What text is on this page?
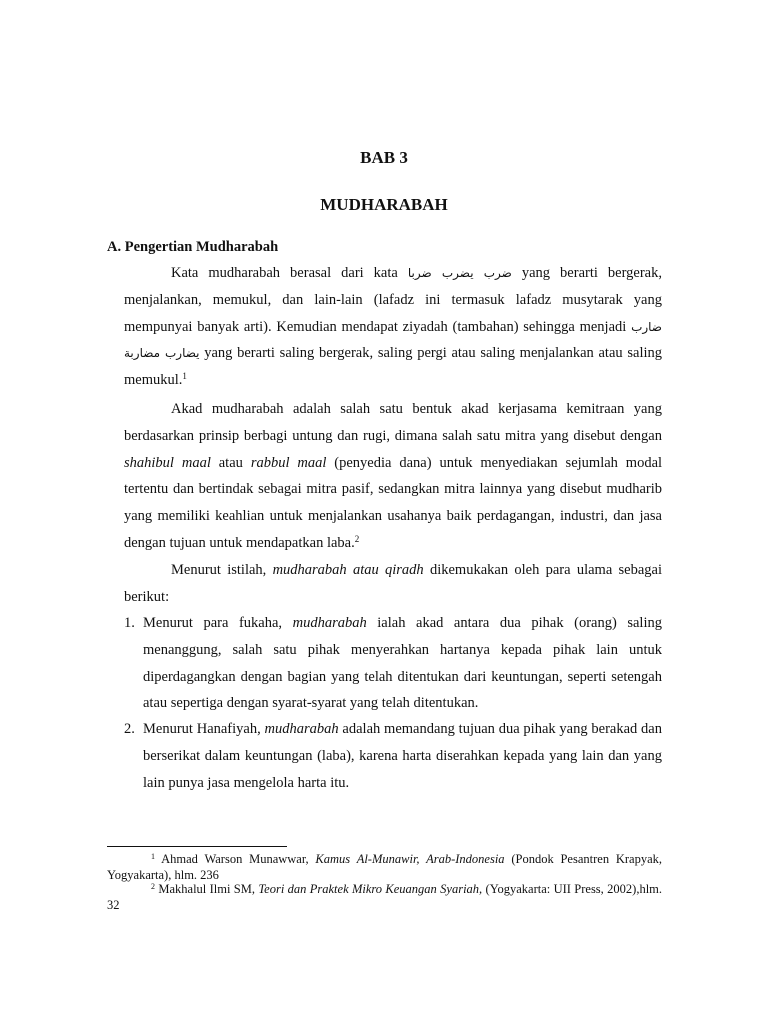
BAB 3
MUDHARABAH
A. Pengertian Mudharabah

Kata mudharabah berasal dari kata ضرب يضرب ضربا yang berarti bergerak, menjalankan, memukul, dan lain-lain (lafadz ini termasuk lafadz musytarak yang mempunyai banyak arti). Kemudian mendapat ziyadah (tambahan) sehingga menjadi ضارب يضارب مضاربة yang berarti saling bergerak, saling pergi atau saling menjalankan atau saling memukul.$^1$

Akad mudharabah adalah salah satu bentuk akad kerjasama kemitraan yang berdasarkan prinsip berbagi untung dan rugi, dimana salah satu mitra yang disebut dengan shahibul maal atau rabbul maal (penyedia dana) untuk menyediakan sejumlah modal tertentu dan bertindak sebagai mitra pasif, sedangkan mitra lainnya yang disebut mudharib yang memiliki keahlian untuk menjalankan usahanya baik perdagangan, industri, dan jasa dengan tujuan untuk mendapatkan laba.$^2$

Menurut istilah, mudharabah atau qiradh dikemukakan oleh para ulama sebagai berikut:

1. Menurut para fukaha, mudharabah ialah akad antara dua pihak (orang) saling menanggung, salah satu pihak menyerahkan hartanya kepada pihak lain untuk diperdagangkan dengan bagian yang telah ditentukan dari keuntungan, seperti setengah atau sepertiga dengan syarat-syarat yang telah ditentukan.
2. Menurut Hanafiyah, mudharabah adalah memandang tujuan dua pihak yang berakad dan berserikat dalam keuntungan (laba), karena harta diserahkan kepada yang lain dan yang lain punya jasa mengelola harta itu.

$^1$ Ahmad Warson Munawwar, Kamus Al-Munawir, Arab-Indonesia (Pondok Pesantren Krapyak, Yogyakarta), hlm. 236

$^2$ Makhalul Ilmi SM, Teori dan Praktek Mikro Keuangan Syariah, (Yogyakarta: UII Press, 2002),hlm. 32
